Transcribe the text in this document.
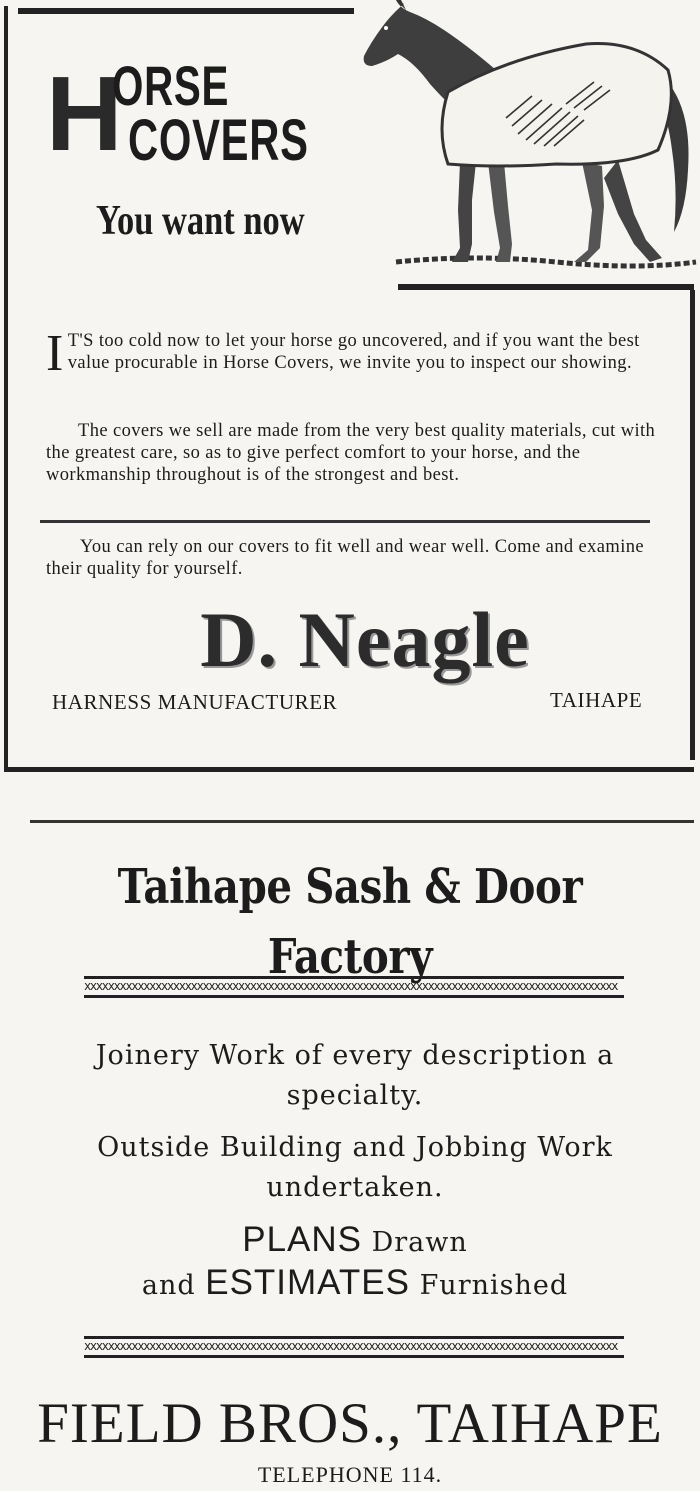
H
ORSE
COVERS
You want now
I T'S too cold now to let your horse go uncovered, and if you want the best value procurable in Horse Covers, we invite you to inspect our showing.
The covers we sell are made from the very best quality materials, cut with the greatest care, so as to give perfect comfort to your horse, and the workmanship throughout is of the strongest and best.
You can rely on our covers to fit well and wear well. Come and examine their quality for yourself.
D. Neagle
HARNESS MANUFACTURER	TAIHAPE
Taihape Sash & Door Factory
xxxxxxxxxxxxxxxxxxxxxxxxxxxxxxxxxxxxxxxxxxxxxxxxxxxxxxxxxxxxxxxxxxxxxxxxxxxxxxxxxxxxxxxxxx
Joinery Work of every description a specialty.
Outside Building and Jobbing Work undertaken.
PLANS Drawn
and ESTIMATES Furnished
xxxxxxxxxxxxxxxxxxxxxxxxxxxxxxxxxxxxxxxxxxxxxxxxxxxxxxxxxxxxxxxxxxxxxxxxxxxxxxxxxxxxxxxxxx
FIELD BROS., TAIHAPE
TELEPHONE 114.
